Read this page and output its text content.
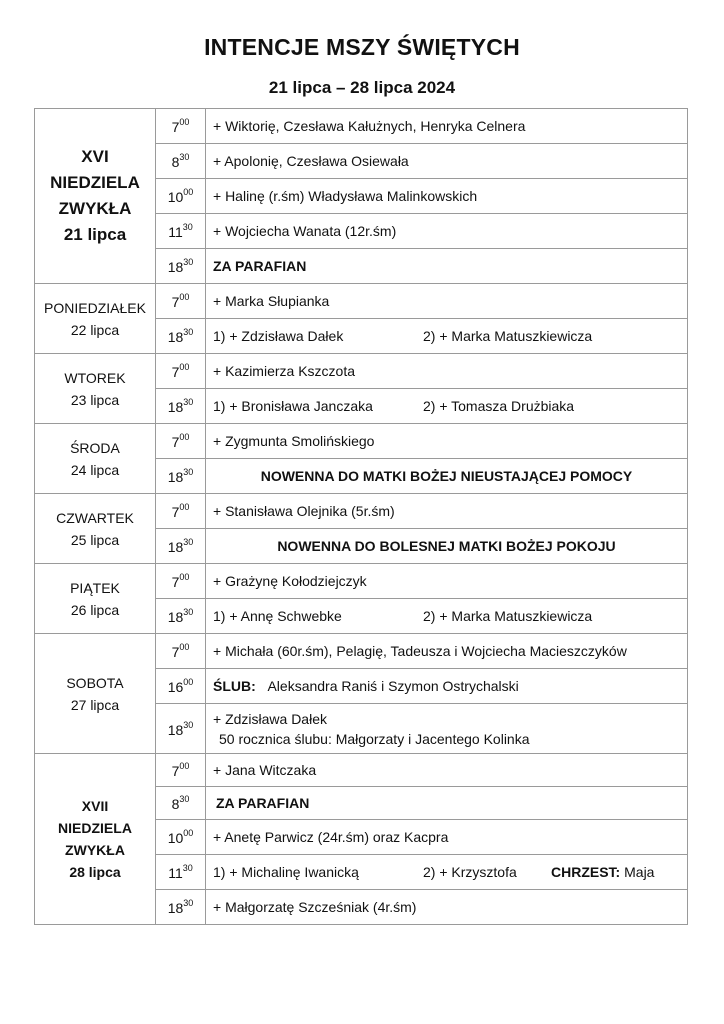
INTENCJE MSZY ŚWIĘTYCH
21 lipca – 28 lipca 2024
XVI
NIEDZIELA
ZWYKŁA
21 lipca	$7^{00}$	+ Wiktorię, Czesława Kałużnych, Henryka Celnera
	$8^{30}$	+ Apolonię, Czesława Osiewała
	$10^{00}$	+ Halinę (r.śm) Władysława Malinkowskich
	$11^{30}$	+ Wojciecha Wanata (12r.śm)
	$18^{30}$	ZA PARAFIAN

PONIEDZIAŁEK
22 lipca	$7^{00}$	+ Marka Słupianka
	$18^{30}$	1) + Zdzisława Dałek 2) + Marka Matuszkiewicza

WTOREK
23 lipca	$7^{00}$	+ Kazimierza Kszczota
	$18^{30}$	1) + Bronisława Janczaka 2) + Tomasza Drużbiaka

ŚRODA
24 lipca	$7^{00}$	+ Zygmunta Smolińskiego
	$18^{30}$	NOWENNA DO MATKI BOŻEJ NIEUSTAJĄCEJ POMOCY

CZWARTEK
25 lipca	$7^{00}$	+ Stanisława Olejnika (5r.śm)
	$18^{30}$	NOWENNA DO BOLESNEJ MATKI BOŻEJ POKOJU

PIĄTEK
26 lipca	$7^{00}$	+ Grażynę Kołodziejczyk
	$18^{30}$	1) + Annę Schwebke 2) + Marka Matuszkiewicza

SOBOTA
27 lipca	$7^{00}$	+ Michała (60r.śm), Pelagię, Tadeusza i Wojciecha Macieszczyków
	$16^{00}$	ŚLUB: Aleksandra Raniś i Szymon Ostrychalski
	$18^{30}$	+ Zdzisława Dałek
50 rocznica ślubu: Małgorzaty i Jacentego Kolinka

XVII
NIEDZIELA
ZWYKŁA
28 lipca	$7^{00}$	+ Jana Witczaka
	$8^{30}$	ZA PARAFIAN
	$10^{00}$	+ Anetę Parwicz (24r.śm) oraz Kacpra
	$11^{30}$	1) + Michalinę Iwanicką 2) + Krzysztofa CHRZEST: Maja
	$18^{30}$	+ Małgorzatę Szcześniak (4r.śm)
